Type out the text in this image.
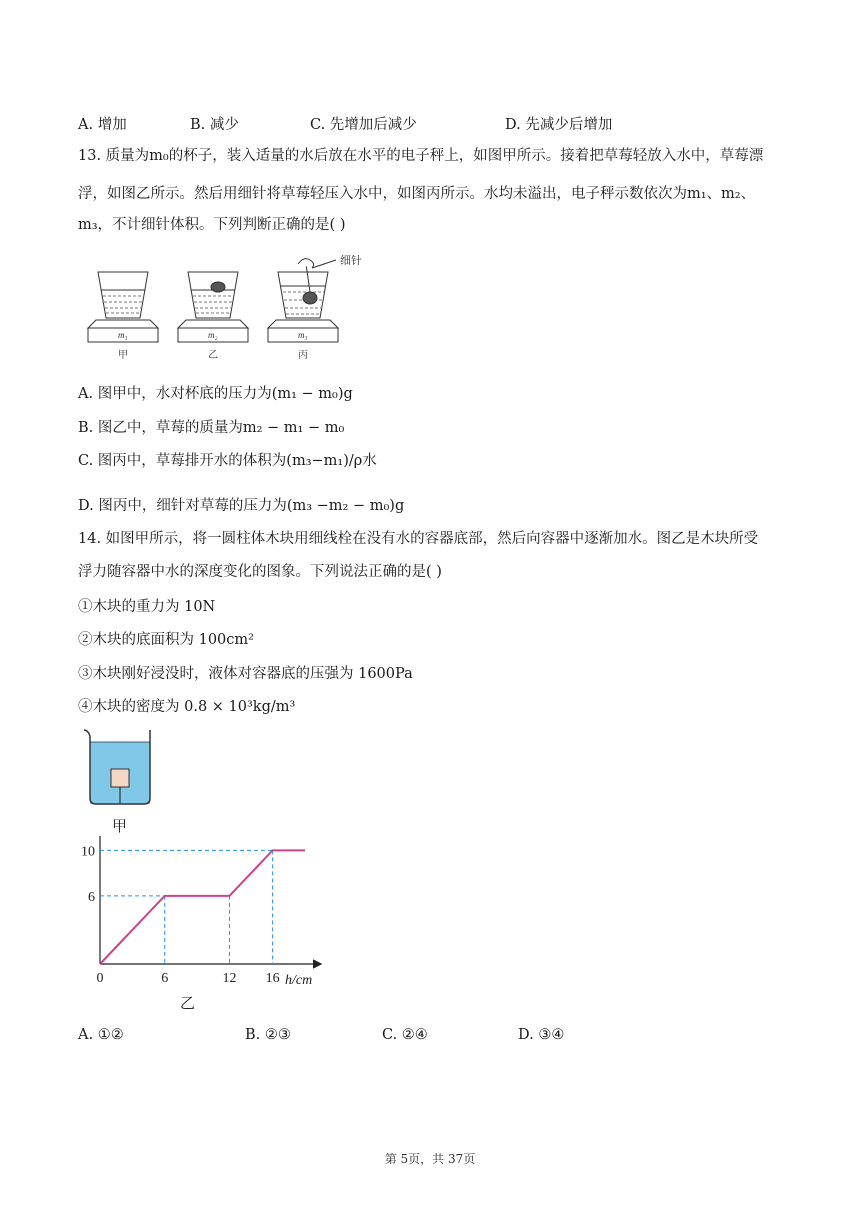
A. 增加	B. 减少	C. 先增加后减少	D. 先减少后增加
13. 质量为m₀的杯子，装入适量的水后放在水平的电子秤上，如图甲所示。接着把草莓轻放入水中，草莓漂
浮，如图乙所示。然后用细针将草莓轻压入水中，如图丙所示。水均未溢出，电子秤示数依次为m₁、m₂、
m₃，不计细针体积。下列判断正确的是( )
细针
m₁	m₂	m₃
甲	乙	丙
A. 图甲中，水对杯底的压力为(m₁ − m₀)g
B. 图乙中，草莓的质量为m₂ − m₁ − m₀
C. 图丙中，草莓排开水的体积为(m₃−m₁)/ρ水
D. 图丙中，细针对草莓的压力为(m₃ −m₂ − m₀)g
14. 如图甲所示，将一圆柱体木块用细线栓在没有水的容器底部，然后向容器中逐渐加水。图乙是木块所受
浮力随容器中水的深度变化的图象。下列说法正确的是( )
①木块的重力为 10N
②木块的底面积为 100cm²
③木块刚好浸没时，液体对容器底的压强为 1600Pa
④木块的密度为 0.8 × 10³kg/m³
甲
0	6	12 16
6
10
h/cm
乙
A. ①②	B. ②③	C. ②④	D. ③④
第 5页，共 37页
